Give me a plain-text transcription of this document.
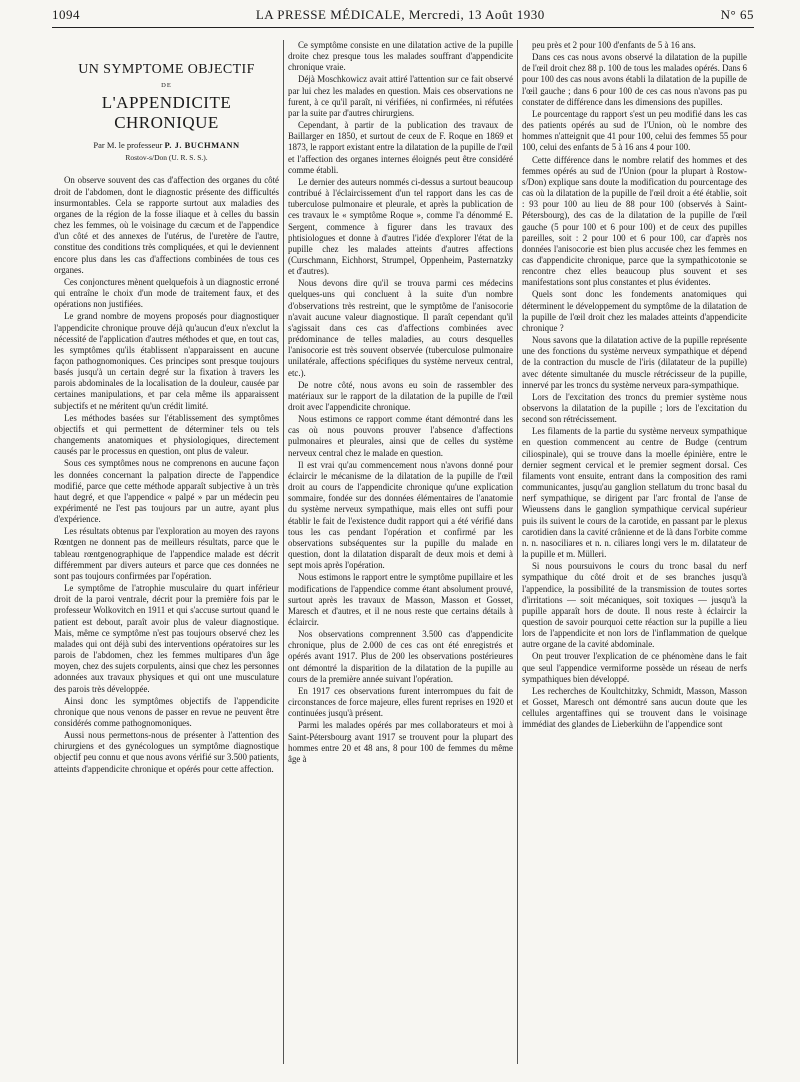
1094	LA PRESSE MÉDICALE, Mercredi, 13 Août 1930	N° 65
UN SYMPTOME OBJECTIF
DE
L'APPENDICITE CHRONIQUE
Par M. le professeur P. J. BUCHMANN
Rostov-s/Don (U. R. S. S.).

On observe souvent des cas d'affection des organes du côté droit de l'abdomen, dont le diagnostic présente des difficultés insurmontables. Cela se rapporte surtout aux maladies des organes de la région de la fosse iliaque et à celles du bassin chez les femmes, où le voisinage du cæcum et de l'appendice d'un côté et des annexes de l'utérus, de l'uretère de l'autre, constitue des conditions très compliquées, et qui le deviennent encore plus dans les cas d'affections combinées de tous ces organes.

Ces conjonctures mènent quelquefois à un diagnostic erroné qui entraîne le choix d'un mode de traitement faux, et des opérations non justifiées.

Le grand nombre de moyens proposés pour diagnostiquer l'appendicite chronique prouve déjà qu'aucun d'eux n'exclut la nécessité de l'application d'autres méthodes et que, en tout cas, les symptômes qu'ils établissent n'apparaissent en aucune façon pathognomoniques. Ces principes sont presque toujours basés jusqu'à un certain degré sur la fixation à travers les parois abdominales de la localisation de la douleur, causée par certaines manipulations, et par cela même ils apparaissent subjectifs et ne méritent qu'un crédit limité.

Les méthodes basées sur l'établissement des symptômes objectifs et qui permettent de déterminer tels ou tels changements anatomiques et physiologiques, directement causés par le processus en question, ont plus de valeur.

Sous ces symptômes nous ne comprenons en aucune façon les données concernant la palpation directe de l'appendice modifié, parce que cette méthode apparaît subjective à un très haut degré, et que l'appendice « palpé » par un médecin peu expérimenté ne l'est pas toujours par un autre, ayant plus d'expérience.

Les résultats obtenus par l'exploration au moyen des rayons Rœntgen ne donnent pas de meilleurs résultats, parce que le tableau rœntgenographique de l'appendice malade est décrit différemment par divers auteurs et parce que ces données ne sont pas toujours confirmées par l'opération.

Le symptôme de l'atrophie musculaire du quart inférieur droit de la paroi ventrale, décrit pour la première fois par le professeur Wolkovitch en 1911 et qui s'accuse surtout quand le patient est debout, paraît avoir plus de valeur diagnostique. Mais, même ce symptôme n'est pas toujours observé chez les malades qui ont déjà subi des interventions opératoires sur les parois de l'abdomen, chez les femmes multipares d'un âge moyen, chez des sujets corpulents, ainsi que chez les personnes adonnées aux travaux physiques et qui ont une musculature des parois très développée.

Ainsi donc les symptômes objectifs de l'appendicite chronique que nous venons de passer en revue ne peuvent être considérés comme pathognomoniques.

Aussi nous permettons-nous de présenter à l'attention des chirurgiens et des gynécologues un symptôme diagnostique objectif peu connu et que nous avons vérifié sur 3.500 patients, atteints d'appendicite chronique et opérés pour cette affection.

Ce symptôme consiste en une dilatation active de la pupille droite chez presque tous les malades souffrant d'appendicite chronique vraie.

Déjà Moschkowicz avait attiré l'attention sur ce fait observé par lui chez les malades en question. Mais ces observations ne furent, à ce qu'il paraît, ni vérifiées, ni confirmées, ni réfutées par la suite par d'autres chirurgiens.

Cependant, à partir de la publication des travaux de Baillarger en 1850, et surtout de ceux de F. Roque en 1869 et 1873, le rapport existant entre la dilatation de la pupille de l'œil et l'affection des organes internes éloignés peut être considéré comme établi.

Le dernier des auteurs nommés ci-dessus a surtout beaucoup contribué à l'éclaircissement d'un tel rapport dans les cas de tuberculose pulmonaire et pleurale, et après la publication de ces travaux le « symptôme Roque », comme l'a dénommé E. Sergent, commence à figurer dans les travaux des phtisiologues et donne à d'autres l'idée d'explorer l'état de la pupille chez les malades atteints d'autres affections (Curschmann, Eichhorst, Strumpel, Oppenheim, Pasternatzky et d'autres).

Nous devons dire qu'il se trouva parmi ces médecins quelques-uns qui concluent à la suite d'un nombre d'observations très restreint, que le symptôme de l'anisocorie n'avait aucune valeur diagnostique. Il paraît cependant qu'il s'agissait dans ces cas d'affections combinées avec prédominance de telles maladies, au cours desquelles l'anisocorie est très souvent observée (tuberculose pulmonaire unilatérale, affections spécifiques du système nerveux central, etc.).

De notre côté, nous avons eu soin de rassembler des matériaux sur le rapport de la dilatation de la pupille de l'œil droit avec l'appendicite chronique.

Nous estimons ce rapport comme étant démontré dans les cas où nous pouvons prouver l'absence d'affections pulmonaires et pleurales, ainsi que de celles du système nerveux central chez le malade en question.

Il est vrai qu'au commencement nous n'avons donné pour éclaircir le mécanisme de la dilatation de la pupille de l'œil droit au cours de l'appendicite chronique qu'une explication sommaire, fondée sur des données élémentaires de l'anatomie du système nerveux sympathique, mais elles ont suffi pour établir le fait de l'existence dudit rapport qui a été vérifié dans tous les cas pendant l'opération et confirmé par les observations subséquentes sur la pupille du malade en question, dont la dilatation disparaît de deux mois et demi à sept mois après l'opération.

Nous estimons le rapport entre le symptôme pupillaire et les modifications de l'appendice comme étant absolument prouvé, surtout après les travaux de Masson, Masson et Gosset, Maresch et d'autres, et il ne nous reste que certains détails à éclaircir.

Nos observations comprennent 3.500 cas d'appendicite chronique, plus de 2.000 de ces cas ont été enregistrés et opérés avant 1917. Plus de 200 les observations postérieures ont démontré la disparition de la dilatation de la pupille au cours de la première année suivant l'opération.

En 1917 ces observations furent interrompues du fait de circonstances de force majeure, elles furent reprises en 1920 et continuées jusqu'à présent.

Parmi les malades opérés par mes collaborateurs et moi à Saint-Pétersbourg avant 1917 se trouvent pour la plupart des hommes entre 20 et 48 ans, 8 pour 100 de femmes du même âge à

peu près et 2 pour 100 d'enfants de 5 à 16 ans.

Dans ces cas nous avons observé la dilatation de la pupille de l'œil droit chez 88 p. 100 de tous les malades opérés. Dans 6 pour 100 des cas nous avons établi la dilatation de la pupille de l'œil gauche ; dans 6 pour 100 de ces cas nous n'avons pas pu constater de différence dans les dimensions des pupilles.

Le pourcentage du rapport s'est un peu modifié dans les cas des patients opérés au sud de l'Union, où le nombre des hommes n'atteignit que 41 pour 100, celui des femmes 55 pour 100, celui des enfants de 5 à 16 ans 4 pour 100.

Cette différence dans le nombre relatif des hommes et des femmes opérés au sud de l'Union (pour la plupart à Rostow-s/Don) explique sans doute la modification du pourcentage des cas où la dilatation de la pupille de l'œil droit a été établie, soit : 93 pour 100 au lieu de 88 pour 100 (observés à Saint-Pétersbourg), des cas de la dilatation de la pupille de l'œil gauche (5 pour 100 et 6 pour 100) et de ceux des pupilles pareilles, soit : 2 pour 100 et 6 pour 100, car d'après nos données l'anisocorie est bien plus accusée chez les femmes en cas d'appendicite chronique, parce que la sympathicotonie se rencontre chez elles beaucoup plus souvent et ses manifestations sont plus constantes et plus évidentes.

Quels sont donc les fondements anatomiques qui déterminent le développement du symptôme de la dilatation de la pupille de l'œil droit chez les malades atteints d'appendicite chronique ?

Nous savons que la dilatation active de la pupille représente une des fonctions du système nerveux sympathique et dépend de la contraction du muscle de l'iris (dilatateur de la pupille) avec détente simultanée du muscle rétrécisseur de la pupille, innervé par les troncs du système nerveux para-sympathique.

Lors de l'excitation des troncs du premier système nous observons la dilatation de la pupille ; lors de l'excitation du second son rétrécissement.

Les filaments de la partie du système nerveux sympathique en question commencent au centre de Budge (centrum ciliospinale), qui se trouve dans la moelle épinière, entre le dernier segment cervical et le premier segment dorsal. Ces filaments vont ensuite, entrant dans la composition des rami communicantes, jusqu'au ganglion stellatum du tronc basal du nerf sympathique, se dirigent par l'arc frontal de l'anse de Wieussens dans le ganglion sympathique cervical supérieur puis ils suivent le cours de la carotide, en passant par le plexus carotidien dans la cavité crânienne et de là dans l'orbite comme n. n. nasociliares et n. n. ciliares longi vers le m. dilatateur de la pupille et m. Mülleri.

Si nous poursuivons le cours du tronc basal du nerf sympathique du côté droit et de ses branches jusqu'à l'appendice, la possibilité de la transmission de toutes sortes d'irritations — soit mécaniques, soit toxiques — jusqu'à la pupille apparaît hors de doute. Il nous reste à éclaircir la question de savoir pourquoi cette réaction sur la pupille a lieu lors de l'appendicite et non lors de l'inflammation de quelque autre organe de la cavité abdominale.

On peut trouver l'explication de ce phénomène dans le fait que seul l'appendice vermiforme possède un réseau de nerfs sympathiques bien développé.

Les recherches de Koultchitzky, Schmidt, Masson, Masson et Gosset, Maresch ont démontré sans aucun doute que les cellules argentaffines qui se trouvent dans le voisinage immédiat des glandes de Lieberkühn de l'appendice sont
